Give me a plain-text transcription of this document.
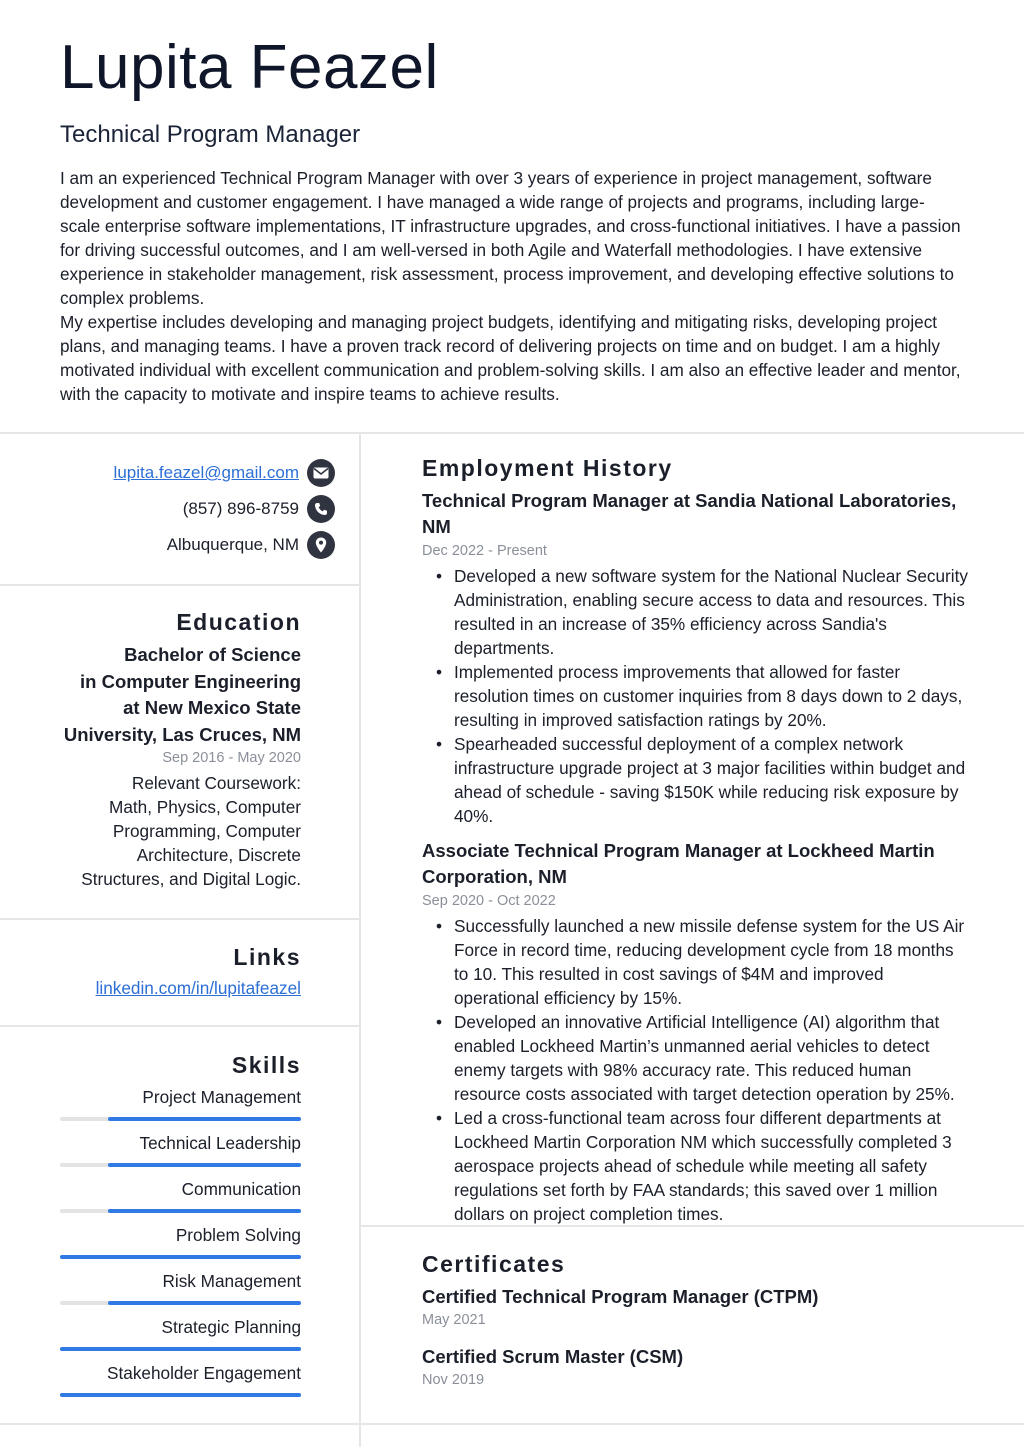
Lupita Feazel
Technical Program Manager

I am an experienced Technical Program Manager with over 3 years of experience in project management, software development and customer engagement. I have managed a wide range of projects and programs, including large-scale enterprise software implementations, IT infrastructure upgrades, and cross-functional initiatives. I have a passion for driving successful outcomes, and I am well-versed in both Agile and Waterfall methodologies. I have extensive experience in stakeholder management, risk assessment, process improvement, and developing effective solutions to complex problems.

My expertise includes developing and managing project budgets, identifying and mitigating risks, developing project plans, and managing teams. I have a proven track record of delivering projects on time and on budget. I am a highly motivated individual with excellent communication and problem-solving skills. I am also an effective leader and mentor, with the capacity to motivate and inspire teams to achieve results.

lupita.feazel@gmail.com
(857) 896-8759
Albuquerque, NM
Education
Bachelor of Science
in Computer Engineering
at New Mexico State
University, Las Cruces, NM
Sep 2016 - May 2020
Relevant Coursework:
Math, Physics, Computer
Programming, Computer
Architecture, Discrete
Structures, and Digital Logic.
Links
linkedin.com/in/lupitafeazel
Skills
Project Management
Technical Leadership
Communication
Problem Solving
Risk Management
Strategic Planning
Stakeholder Engagement
Employment History
Technical Program Manager at Sandia National Laboratories, NM
Dec 2022 - Present
• Developed a new software system for the National Nuclear Security Administration, enabling secure access to data and resources. This resulted in an increase of 35% efficiency across Sandia's departments.
• Implemented process improvements that allowed for faster resolution times on customer inquiries from 8 days down to 2 days, resulting in improved satisfaction ratings by 20%.
• Spearheaded successful deployment of a complex network infrastructure upgrade project at 3 major facilities within budget and ahead of schedule - saving $150K while reducing risk exposure by 40%.
Associate Technical Program Manager at Lockheed Martin Corporation, NM
Sep 2020 - Oct 2022
• Successfully launched a new missile defense system for the US Air Force in record time, reducing development cycle from 18 months to 10. This resulted in cost savings of $4M and improved operational efficiency by 15%.
• Developed an innovative Artificial Intelligence (AI) algorithm that enabled Lockheed Martin’s unmanned aerial vehicles to detect enemy targets with 98% accuracy rate. This reduced human resource costs associated with target detection operation by 25%.
• Led a cross-functional team across four different departments at Lockheed Martin Corporation NM which successfully completed 3 aerospace projects ahead of schedule while meeting all safety regulations set forth by FAA standards; this saved over 1 million dollars on project completion times.
Certificates
Certified Technical Program Manager (CTPM)
May 2021
Certified Scrum Master (CSM)
Nov 2019
